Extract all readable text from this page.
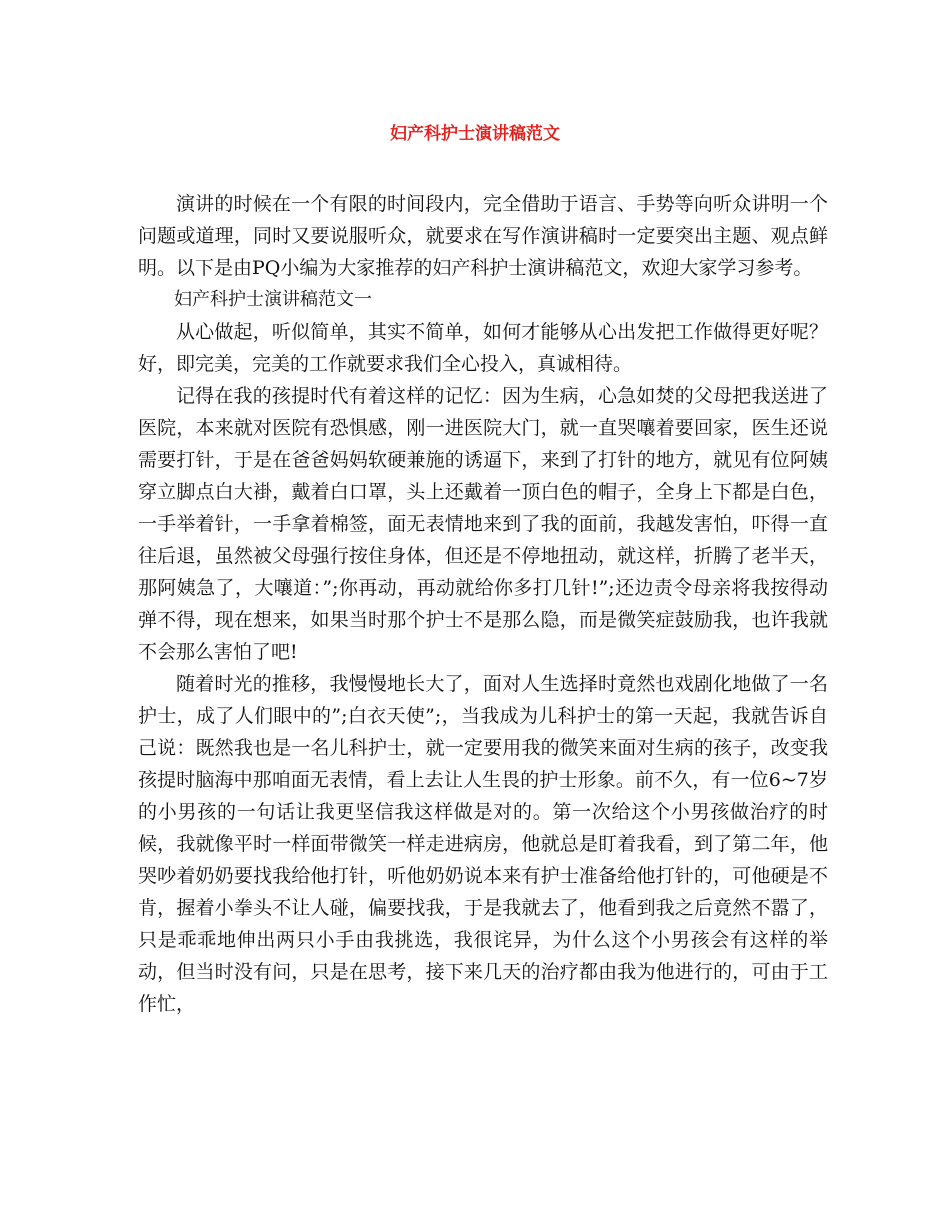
妇产科护士演讲稿范文

演讲的时候在一个有限的时间段内，完全借助于语言、手势等向听众讲明一个问题或道理，同时又要说服听众，就要求在写作演讲稿时一定要突出主题、观点鲜明。以下是由PQ小编为大家推荐的妇产科护士演讲稿范文，欢迎大家学习参考。

妇产科护士演讲稿范文一

从心做起，听似简单，其实不简单，如何才能够从心出发把工作做得更好呢？好，即完美，完美的工作就要求我们全心投入，真诚相待。

记得在我的孩提时代有着这样的记忆：因为生病，心急如焚的父母把我送进了医院，本来就对医院有恐惧感，刚一进医院大门，就一直哭嚷着要回家，医生还说需要打针，于是在爸爸妈妈软硬兼施的诱逼下，来到了打针的地方，就见有位阿姨穿立脚点白大褂，戴着白口罩，头上还戴着一顶白色的帽子，全身上下都是白色，一手举着针，一手拿着棉签，面无表情地来到了我的面前，我越发害怕，吓得一直往后退，虽然被父母强行按住身体，但还是不停地扭动，就这样，折腾了老半天，那阿姨急了，大嚷道：”;你再动，再动就给你多打几针!”;还边责令母亲将我按得动弹不得，现在想来，如果当时那个护士不是那么隐，而是微笑症鼓励我，也许我就不会那么害怕了吧!

随着时光的推移，我慢慢地长大了，面对人生选择时竟然也戏剧化地做了一名护士，成了人们眼中的”;白衣天使”;，当我成为儿科护士的第一天起，我就告诉自己说：既然我也是一名儿科护士，就一定要用我的微笑来面对生病的孩子，改变我孩提时脑海中那咱面无表情，看上去让人生畏的护士形象。前不久，有一位6~7岁的小男孩的一句话让我更坚信我这样做是对的。第一次给这个小男孩做治疗的时候，我就像平时一样面带微笑一样走进病房，他就总是盯着我看，到了第二年，他哭吵着奶奶要找我给他打针，听他奶奶说本来有护士准备给他打针的，可他硬是不肯，握着小拳头不让人碰，偏要找我，于是我就去了，他看到我之后竟然不嚣了，只是乖乖地伸出两只小手由我挑选，我很诧异，为什么这个小男孩会有这样的举动，但当时没有问，只是在思考，接下来几天的治疗都由我为他进行的，可由于工作忙，
